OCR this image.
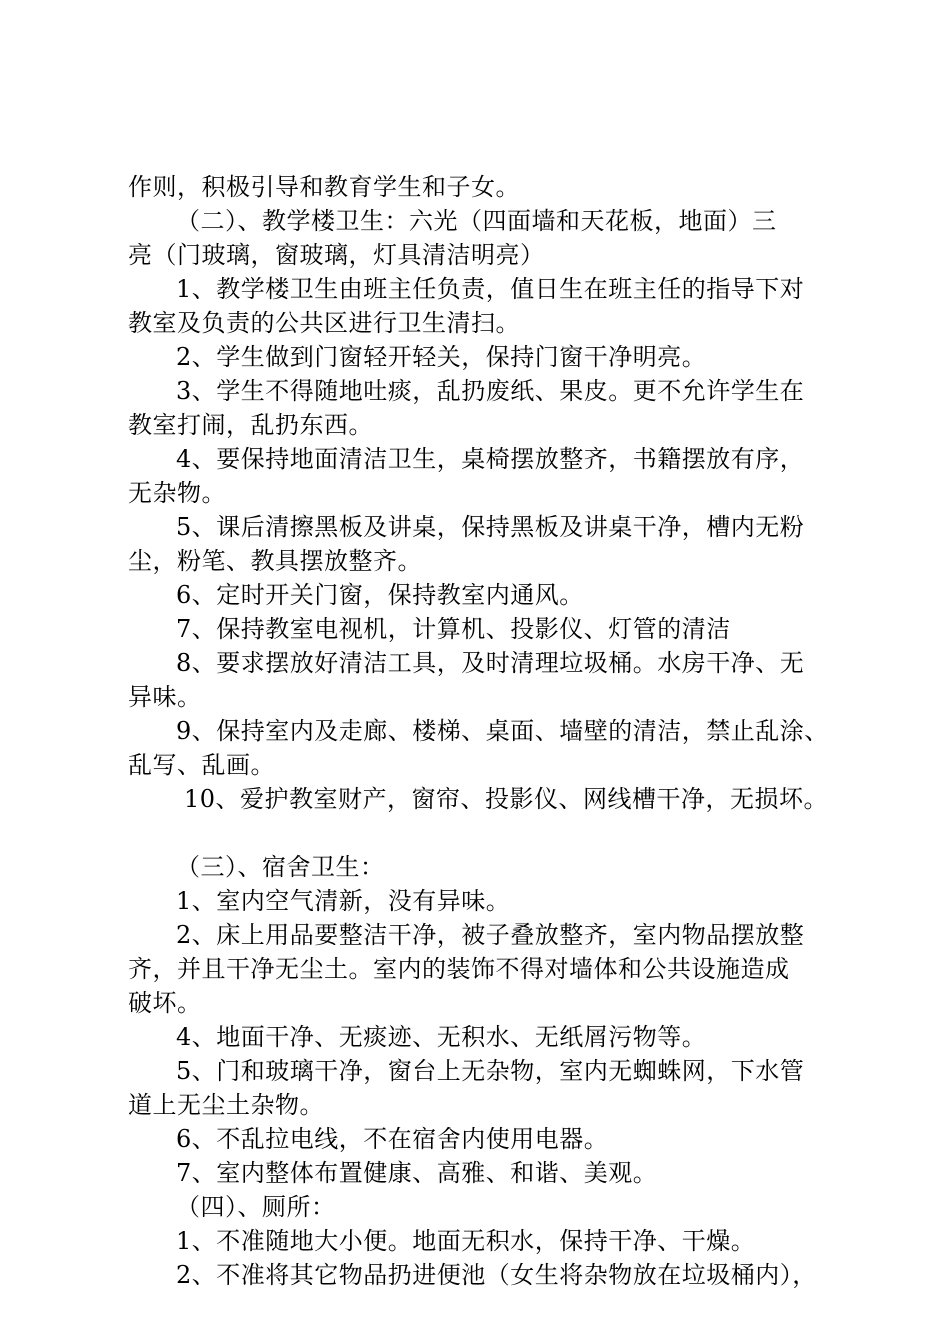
作则，积极引导和教育学生和子女。
（二）、教学楼卫生：六光（四面墙和天花板，地面）三
亮（门玻璃，窗玻璃，灯具清洁明亮）
1、教学楼卫生由班主任负责，值日生在班主任的指导下对
教室及负责的公共区进行卫生清扫。
2、学生做到门窗轻开轻关，保持门窗干净明亮。
3、学生不得随地吐痰，乱扔废纸、果皮。更不允许学生在
教室打闹，乱扔东西。
4、要保持地面清洁卫生，桌椅摆放整齐，书籍摆放有序，
无杂物。
5、课后清擦黑板及讲桌，保持黑板及讲桌干净，槽内无粉
尘，粉笔、教具摆放整齐。
6、定时开关门窗，保持教室内通风。
7、保持教室电视机，计算机、投影仪、灯管的清洁
8、要求摆放好清洁工具，及时清理垃圾桶。水房干净、无
异味。
9、保持室内及走廊、楼梯、桌面、墙壁的清洁，禁止乱涂、
乱写、乱画。
10、爱护教室财产，窗帘、投影仪、网线槽干净，无损坏。
（三）、宿舍卫生：
1、室内空气清新，没有异味。
2、床上用品要整洁干净，被子叠放整齐，室内物品摆放整
齐，并且干净无尘土。室内的装饰不得对墙体和公共设施造成
破坏。
4、地面干净、无痰迹、无积水、无纸屑污物等。
5、门和玻璃干净，窗台上无杂物，室内无蜘蛛网，下水管
道上无尘土杂物。
6、不乱拉电线，不在宿舍内使用电器。
7、室内整体布置健康、高雅、和谐、美观。
（四）、厕所：
1、不准随地大小便。地面无积水，保持干净、干燥。
2、不准将其它物品扔进便池（女生将杂物放在垃圾桶内），
